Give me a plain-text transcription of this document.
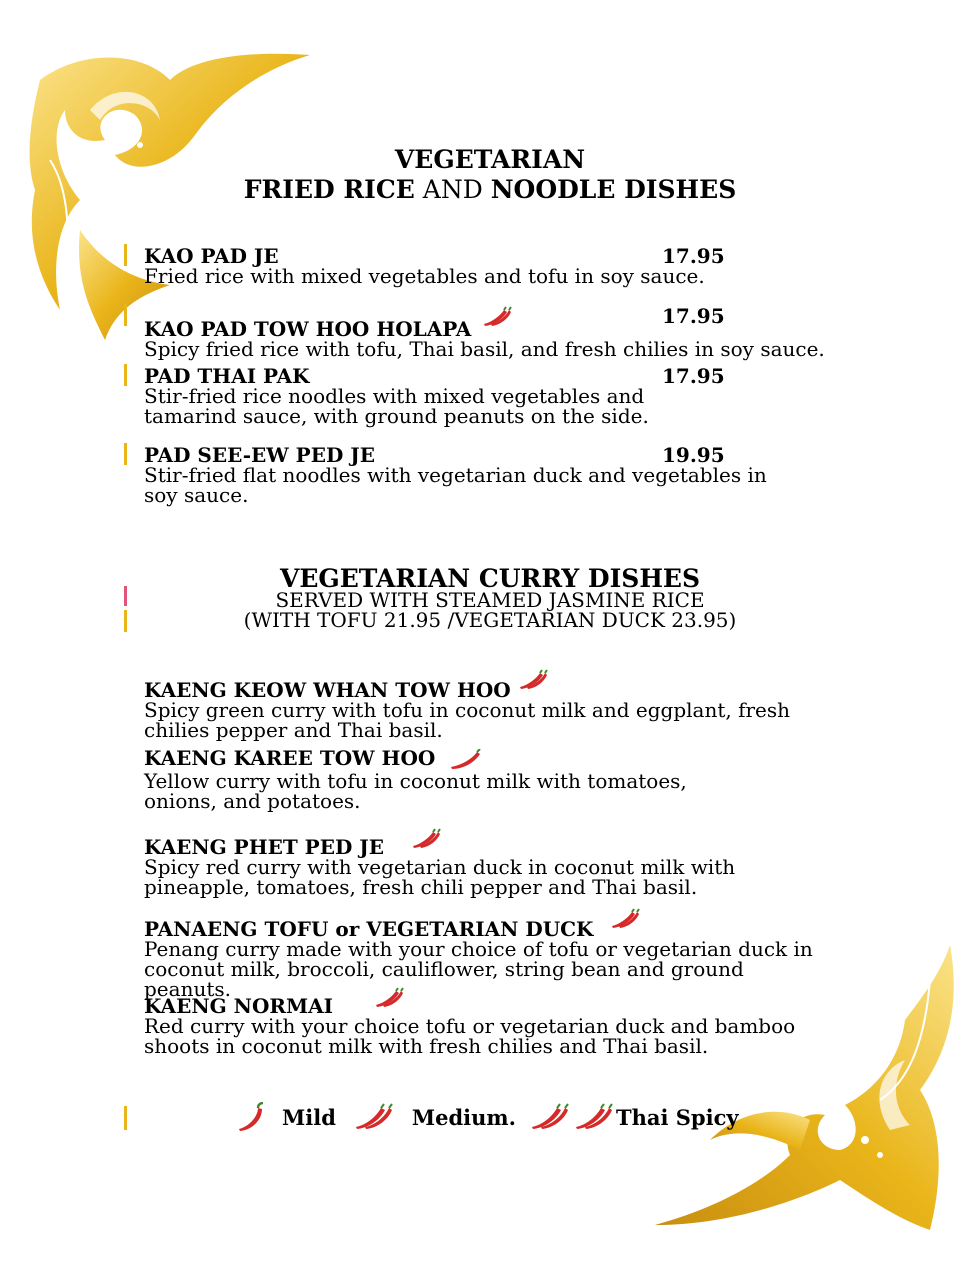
VEGETARIAN
FRIED RICE AND NOODLE DISHES
KAO PAD JE
Fried rice with mixed vegetables and tofu in soy sauce.
17.95
KAO PAD TOW HOO HOLAPA
Spicy fried rice with tofu, Thai basil, and fresh chilies in soy sauce.
17.95
PAD THAI PAK
Stir-fried rice noodles with mixed vegetables and tamarind sauce, with ground peanuts on the side.
17.95
PAD SEE-EW PED JE
Stir-fried flat noodles with vegetarian duck and vegetables in soy sauce.
19.95
VEGETARIAN CURRY DISHES
SERVED WITH STEAMED JASMINE RICE
(WITH TOFU 21.95 /VEGETARIAN DUCK 23.95)
KAENG KEOW WHAN TOW HOO
Spicy green curry with tofu in coconut milk and eggplant, fresh chilies pepper and Thai basil.
KAENG KAREE TOW HOO
Yellow curry with tofu in coconut milk with tomatoes, onions, and potatoes.
KAENG PHET PED JE
Spicy red curry with vegetarian duck in coconut milk with pineapple, tomatoes, fresh chili pepper and Thai basil.
PANAENG TOFU or VEGETARIAN DUCK
Penang curry made with your choice of tofu or vegetarian duck in coconut milk, broccoli, cauliflower, string bean and ground peanuts.
KAENG NORMAI
Red curry with your choice tofu or vegetarian duck and bamboo shoots in coconut milk with fresh chilies and Thai basil.
Mild	Medium.	Thai Spicy
